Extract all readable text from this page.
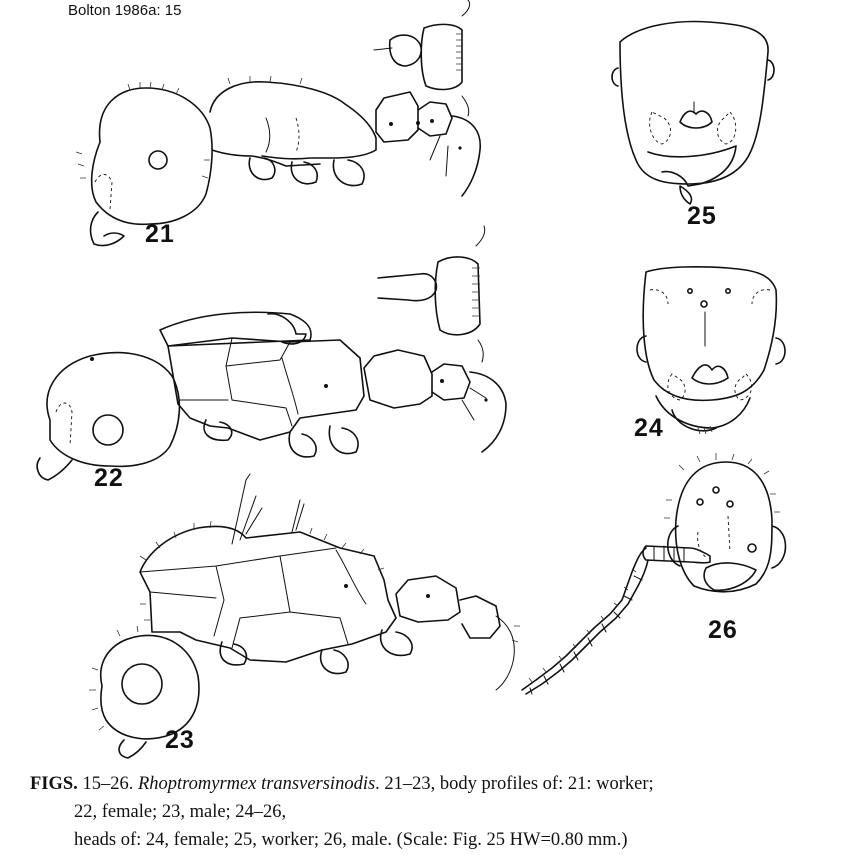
Bolton 1986a: 15
21
25
22
24
26
23
FIGS. 15–26. Rhoptromyrmex transversinodis. 21–23, body profiles of: 21: worker;
22, female; 23, male; 24–26,
heads of: 24, female; 25, worker; 26, male. (Scale: Fig. 25 HW=0.80 mm.)
